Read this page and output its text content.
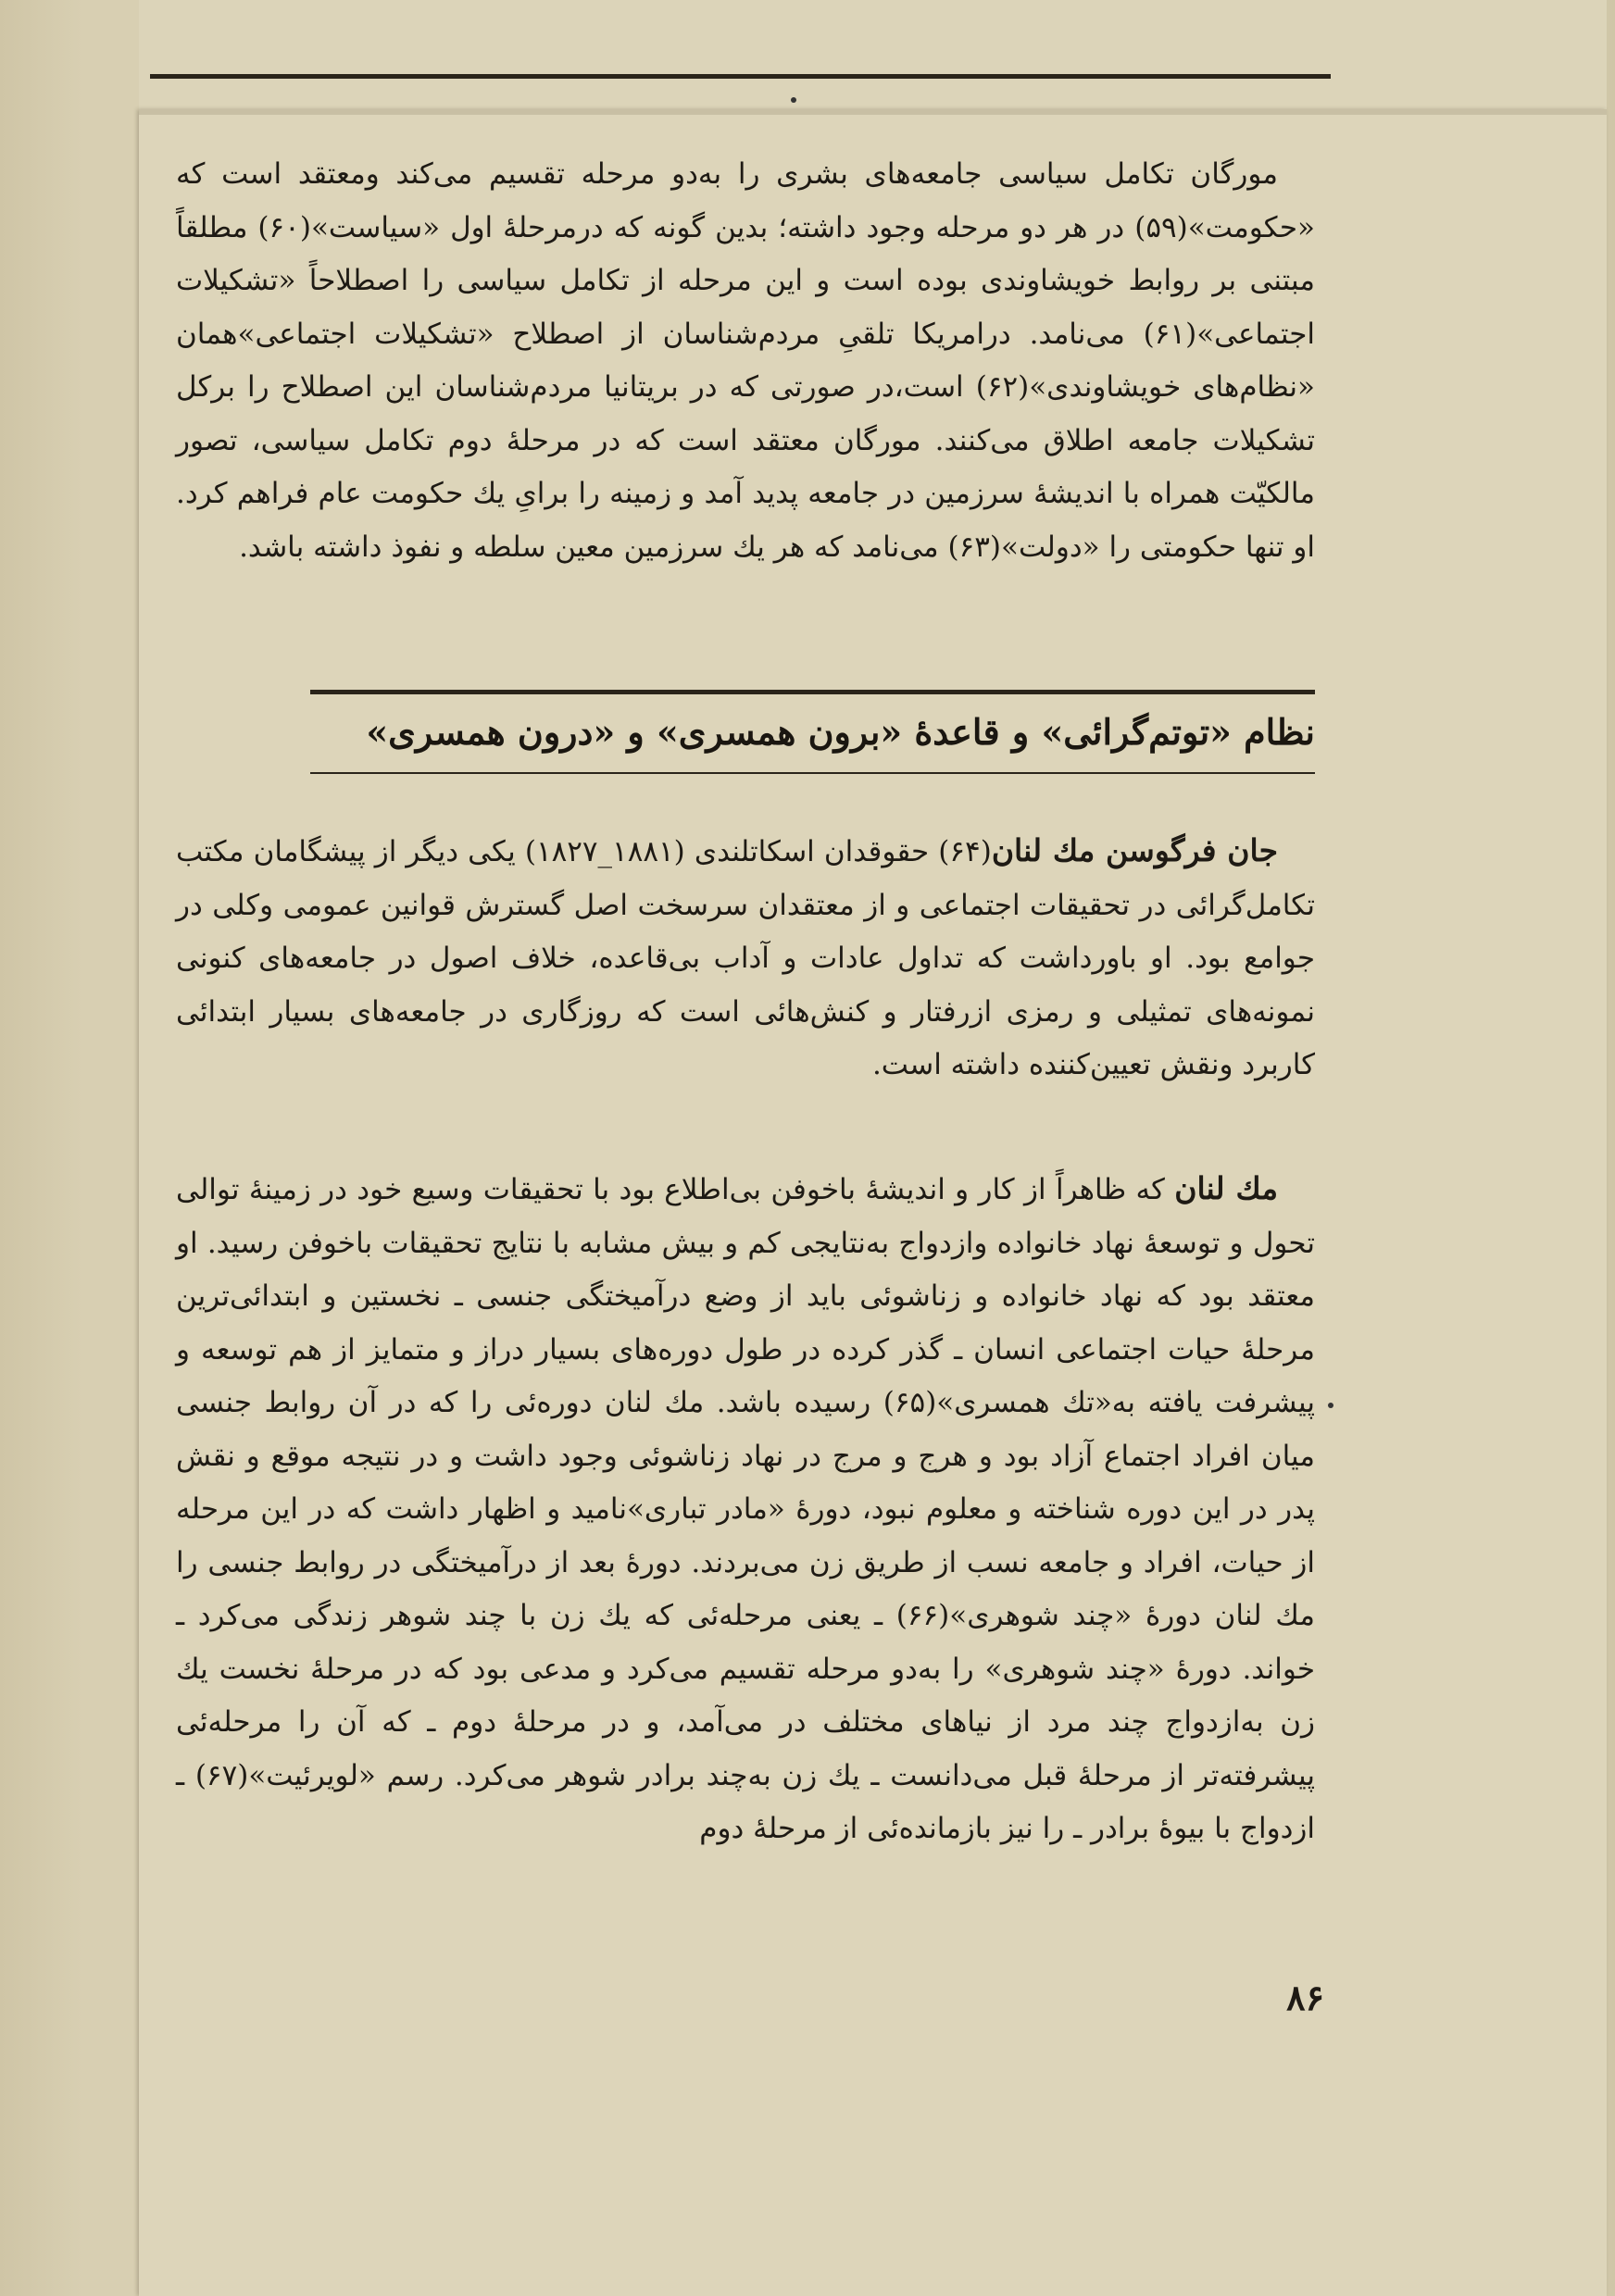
مورگان تکامل سیاسی جامعه‌های بشری را به‌دو مرحله تقسیم می‌کند ومعتقد است که «حکومت»(۵۹) در هر دو مرحله وجود داشته؛ بدین گونه که درمرحلهٔ اول «سیاست»(۶۰) مطلقاً مبتنی بر روابط خویشاوندی بوده است و این مرحله از تکامل سیاسی را اصطلاحاً «تشکیلات اجتماعی»(۶۱) می‌نامد. درامریکا تلقیِ مردم‌شناسان از اصطلاح «تشکیلات اجتماعی»همان «نظام‌های خویشاوندی»(۶۲) است،در صورتی که در بریتانیا مردم‌شناسان این اصطلاح را برکل تشکیلات جامعه اطلاق می‌کنند. مورگان معتقد است که در مرحلهٔ دوم تکامل سیاسی، تصور مالکیّت همراه با اندیشهٔ سرزمین در جامعه پدید آمد و زمینه را برایِ یك حکومت عام فراهم کرد. او تنها حکومتی را «دولت»(۶۳) می‌نامد که هر یك سرزمین معین سلطه و نفوذ داشته باشد.

نظام «توتم‌گرائی» و قاعدهٔ «برون همسری» و «درون همسری»

جان فرگوسن مك لنان(۶۴) حقوقدان اسکاتلندی (۱۸۸۱_۱۸۲۷) یکی دیگر از پیشگامان مکتب تکامل‌گرائی در تحقیقات اجتماعی و از معتقدان سرسخت اصل گسترش قوانین عمومی وکلی در جوامع بود. او باورداشت که تداول عادات و آداب بی‌قاعده، خلاف اصول در جامعه‌های کنونی نمونه‌های تمثیلی و رمزی ازرفتار و کنش‌هائی است که روزگاری در جامعه‌های بسیار ابتدائی کاربرد ونقش تعیین‌کننده داشته است.

مك لنان که ظاهراً از کار و اندیشهٔ باخوفن بی‌اطلاع بود با تحقیقات وسیع خود در زمینهٔ توالی تحول و توسعهٔ نهاد خانواده وازدواج به‌نتایجی کم و بیش مشابه با نتایج تحقیقات باخوفن رسید. او معتقد بود که نهاد خانواده و زناشوئی باید از وضع درآمیختگی جنسی ـ نخستین و ابتدائی‌ترین مرحلهٔ حیات اجتماعی انسان ـ گذر کرده در طول دوره‌های بسیار دراز و متمایز از هم توسعه و پیشرفت یافته به«تك همسری»(۶۵) رسیده باشد. مك لنان دوره‌ئی را که در آن روابط جنسی میان افراد اجتماع آزاد بود و هرج و مرج در نهاد زناشوئی وجود داشت و در نتیجه موقع و نقش پدر در این دوره شناخته و معلوم نبود، دورهٔ «مادر تباری»نامید و اظهار داشت که در این مرحله از حیات، افراد و جامعه نسب از طریق زن می‌بردند. دورهٔ بعد از درآمیختگی در روابط جنسی را مك لنان دورهٔ «چند شوهری»(۶۶) ـ یعنی مرحله‌ئی که یك زن با چند شوهر زندگی می‌کرد ـ خواند. دورهٔ «چند شوهری» را به‌دو مرحله تقسیم می‌کرد و مدعی بود که در مرحلهٔ نخست یك زن به‌ازدواج چند مرد از نیاهای مختلف در می‌آمد، و در مرحلهٔ دوم ـ که آن را مرحله‌ئی پیشرفته‌تر از مرحلهٔ قبل می‌دانست ـ یك زن به‌چند برادر شوهر می‌کرد. رسم «لویرئیت»(۶۷) ـ ازدواج با بیوهٔ برادر ـ را نیز بازمانده‌ئی از مرحلهٔ دوم

۸۶
